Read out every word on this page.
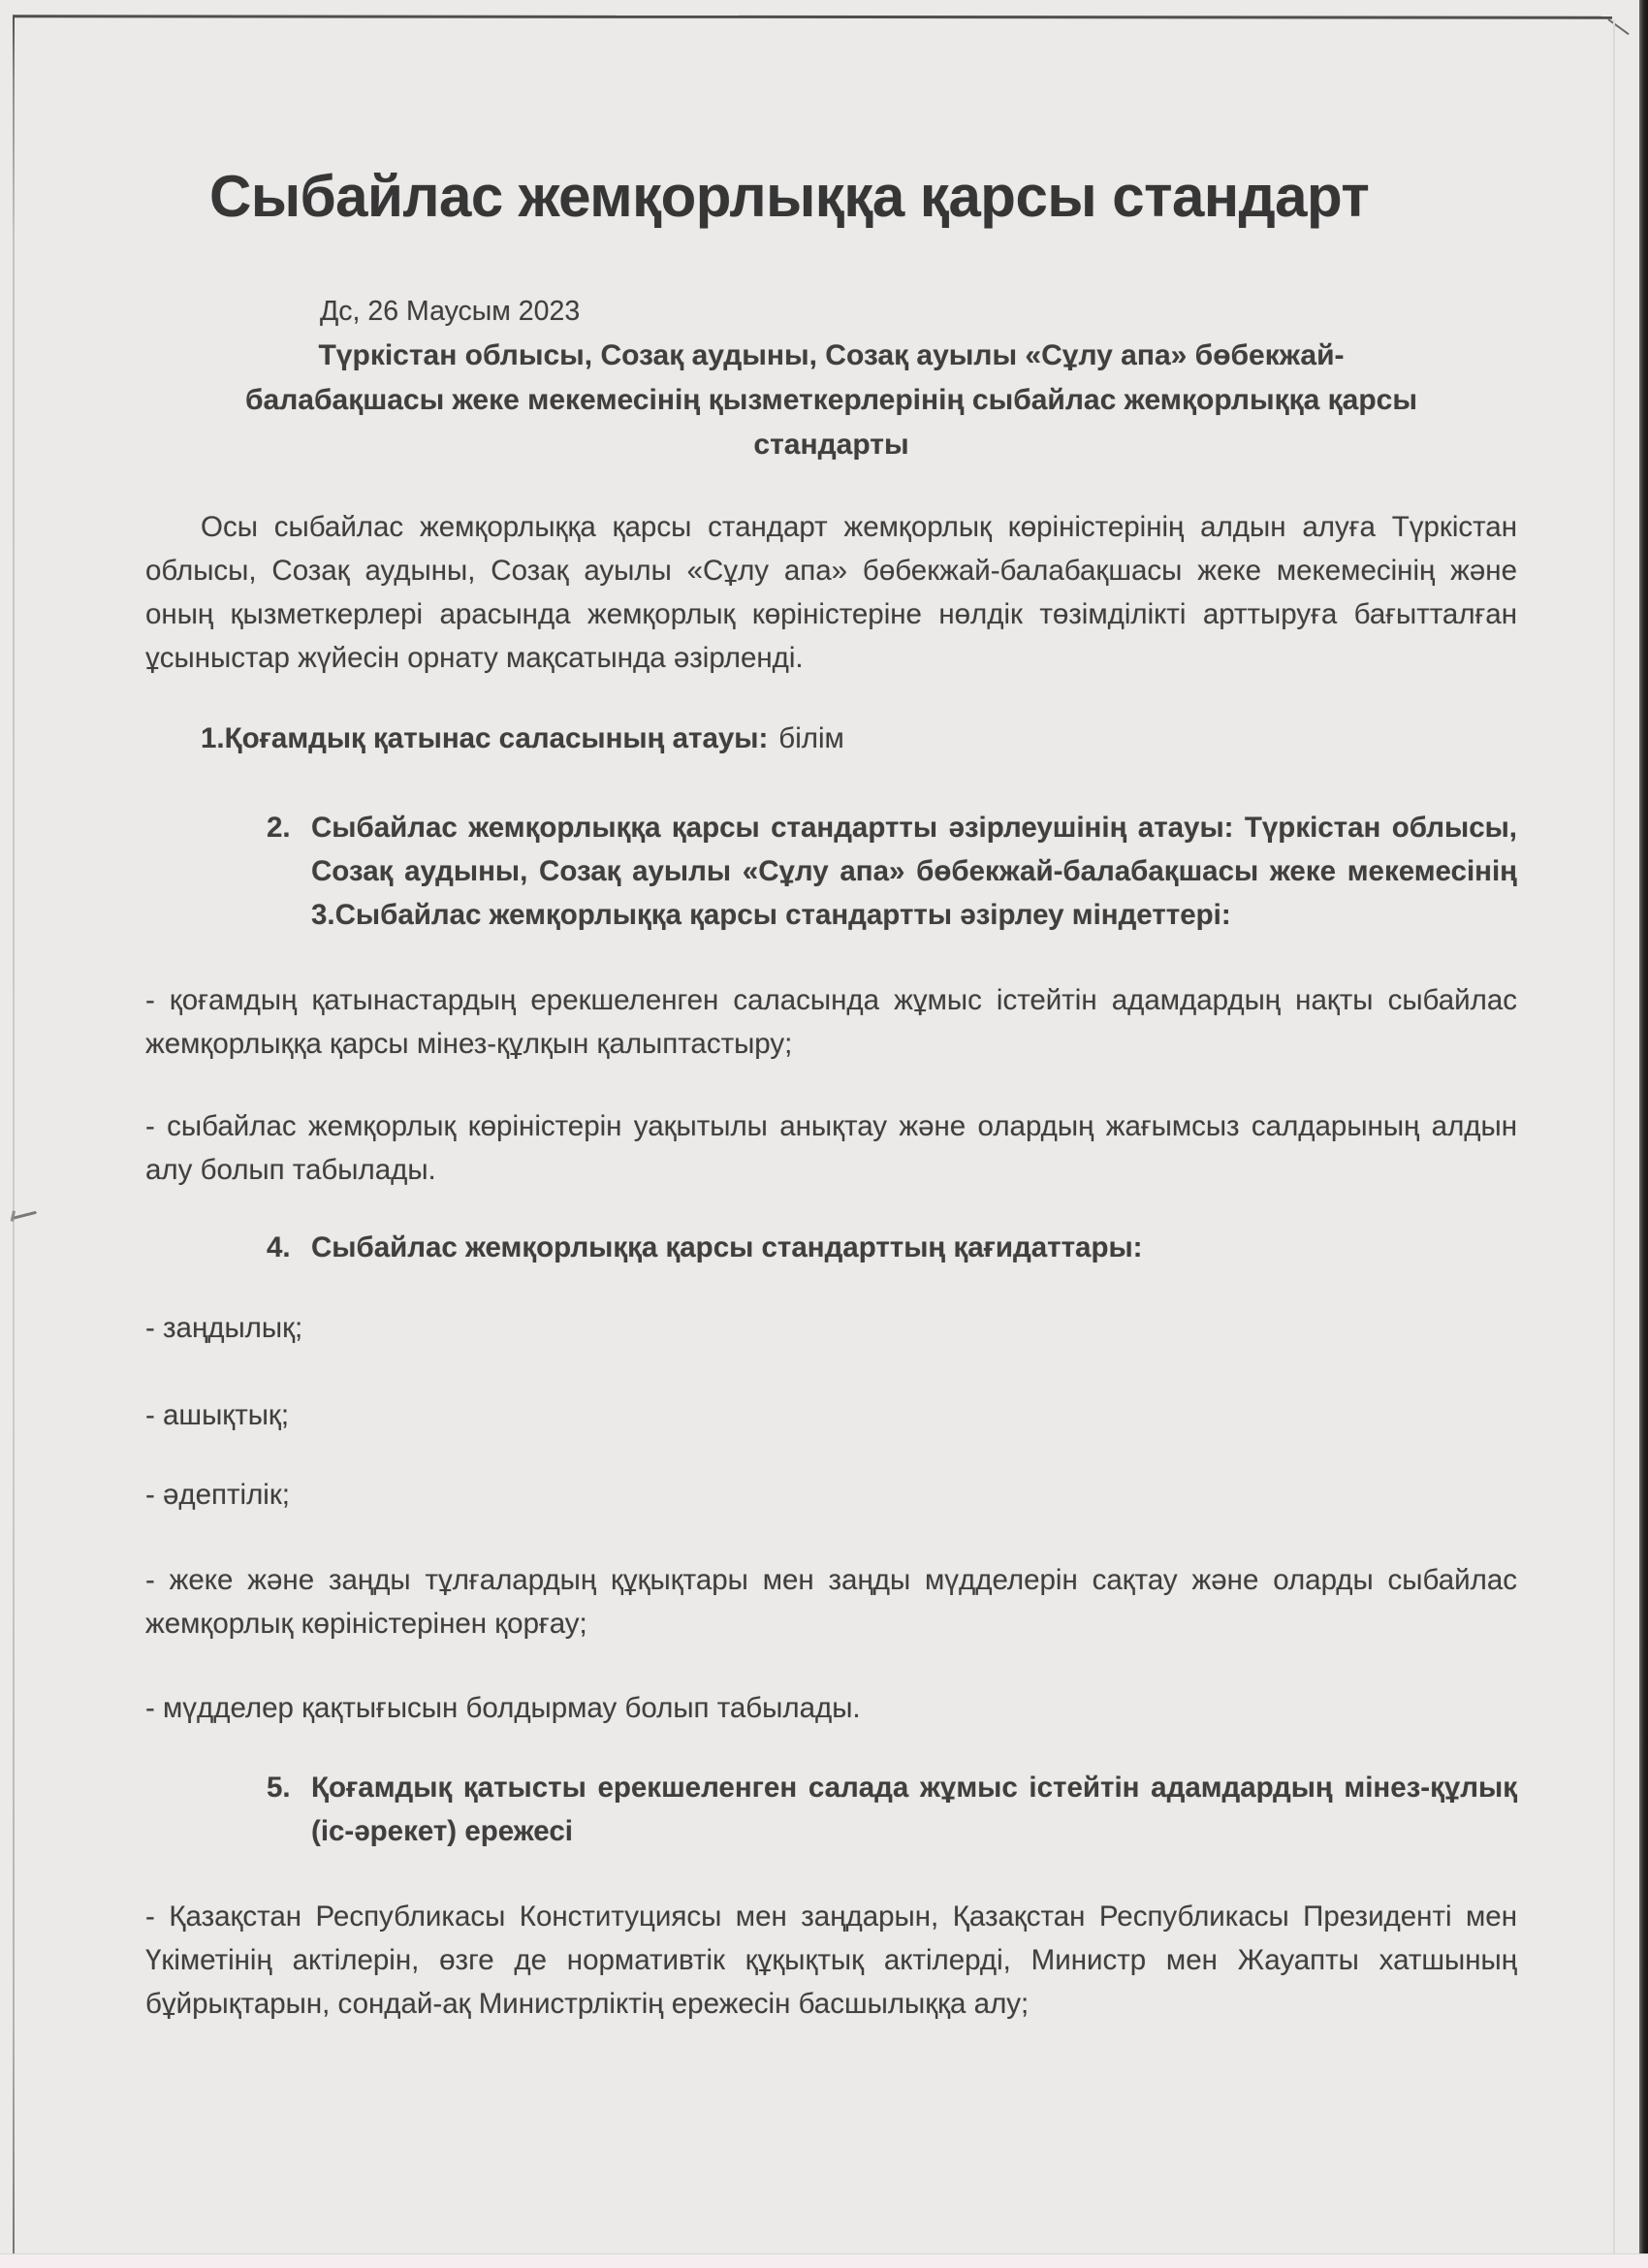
Сыбайлас жемқорлыққа қарсы стандарт

Дс, 26 Маусым 2023

Түркістан облысы, Созақ аудыны, Созақ ауылы «Сұлу апа» бөбекжай-
балабақшасы жеке мекемесінің қызметкерлерінің сыбайлас жемқорлыққа қарсы
стандарты

Осы сыбайлас жемқорлыққа қарсы стандарт жемқорлық көріністерінің алдын алуға Түркістан облысы, Созақ аудыны, Созақ ауылы «Сұлу апа» бөбекжай-балабақшасы жеке мекемесінің және оның қызметкерлері арасында жемқорлық көріністеріне нөлдік төзімділікті арттыруға бағытталған ұсыныстар жүйесін орнату мақсатында әзірленді.

1.Қоғамдық қатынас саласының атауы: білім

2. Сыбайлас жемқорлыққа қарсы стандартты әзірлеушінің атауы: Түркістан облысы, Созақ аудыны, Созақ ауылы «Сұлу апа» бөбекжай-балабақшасы жеке мекемесінің 3.Сыбайлас жемқорлыққа қарсы стандартты әзірлеу міндеттері:

- қоғамдың қатынастардың ерекшеленген саласында жұмыс істейтін адамдардың нақты сыбайлас жемқорлыққа қарсы мінез-құлқын қалыптастыру;

- сыбайлас жемқорлық көріністерін уақытылы анықтау және олардың жағымсыз салдарының алдын алу болып табылады.

4. Сыбайлас жемқорлыққа қарсы стандарттың қағидаттары:

- заңдылық;

- ашықтық;

- әдептілік;

- жеке және заңды тұлғалардың құқықтары мен заңды мүдделерін сақтау және оларды сыбайлас жемқорлық көріністерінен қорғау;

- мүдделер қақтығысын болдырмау болып табылады.

5. Қоғамдық қатысты ерекшеленген салада жұмыс істейтін адамдардың мінез-құлық (іс-әрекет) ережесі

- Қазақстан Республикасы Конституциясы мен заңдарын, Қазақстан Республикасы Президенті мен Үкіметінің актілерін, өзге де нормативтік құқықтық актілерді, Министр мен Жауапты хатшының бұйрықтарын, сондай-ақ Министрліктің ережесін басшылыққа алу;
